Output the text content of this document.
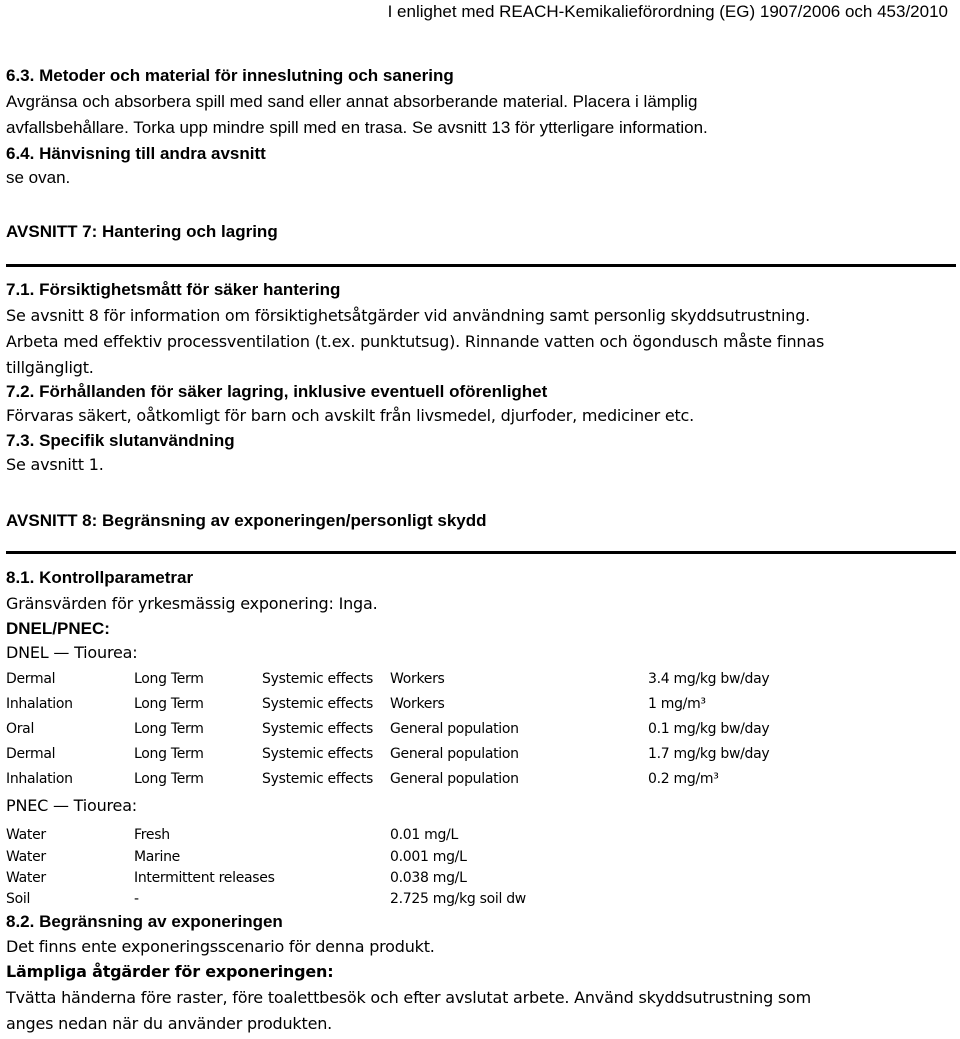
I enlighet med REACH-Kemikalieförordning (EG) 1907/2006 och 453/2010
6.3. Metoder och material för inneslutning och sanering
Avgränsa och absorbera spill med sand eller annat absorberande material. Placera i lämplig
avfallsbehållare. Torka upp mindre spill med en trasa. Se avsnitt 13 för ytterligare information.
6.4. Hänvisning till andra avsnitt
se ovan.
AVSNITT 7: Hantering och lagring
7.1. Försiktighetsmått för säker hantering
Se avsnitt 8 för information om försiktighetsåtgärder vid användning samt personlig skyddsutrustning.
Arbeta med effektiv processventilation (t.ex. punktutsug). Rinnande vatten och ögondusch måste finnas
tillgängligt.
7.2. Förhållanden för säker lagring, inklusive eventuell oförenlighet
Förvaras säkert, oåtkomligt för barn och avskilt från livsmedel, djurfoder, mediciner etc.
7.3. Specifik slutanvändning
Se avsnitt 1.
AVSNITT 8: Begränsning av exponeringen/personligt skydd
8.1. Kontrollparametrar
Gränsvärden för yrkesmässig exponering: Inga.
DNEL/PNEC:
DNEL — Tiourea:
Dermal	Long Term	Systemic effects Workers	3.4 mg/kg bw/day
Inhalation	Long Term	Systemic effects Workers	1 mg/m³
Oral	Long Term	Systemic effects General population	0.1 mg/kg bw/day
Dermal	Long Term	Systemic effects General population	1.7 mg/kg bw/day
Inhalation	Long Term	Systemic effects General population	0.2 mg/m³
PNEC — Tiourea:
Water	Fresh	0.01 mg/L
Water	Marine	0.001 mg/L
Water	Intermittent releases	0.038 mg/L
Soil	-	2.725 mg/kg soil dw
8.2. Begränsning av exponeringen
Det finns ente exponeringsscenario för denna produkt.
Lämpliga åtgärder för exponeringen:
Tvätta händerna före raster, före toalettbesök och efter avslutat arbete. Använd skyddsutrustning som
anges nedan när du använder produkten.
